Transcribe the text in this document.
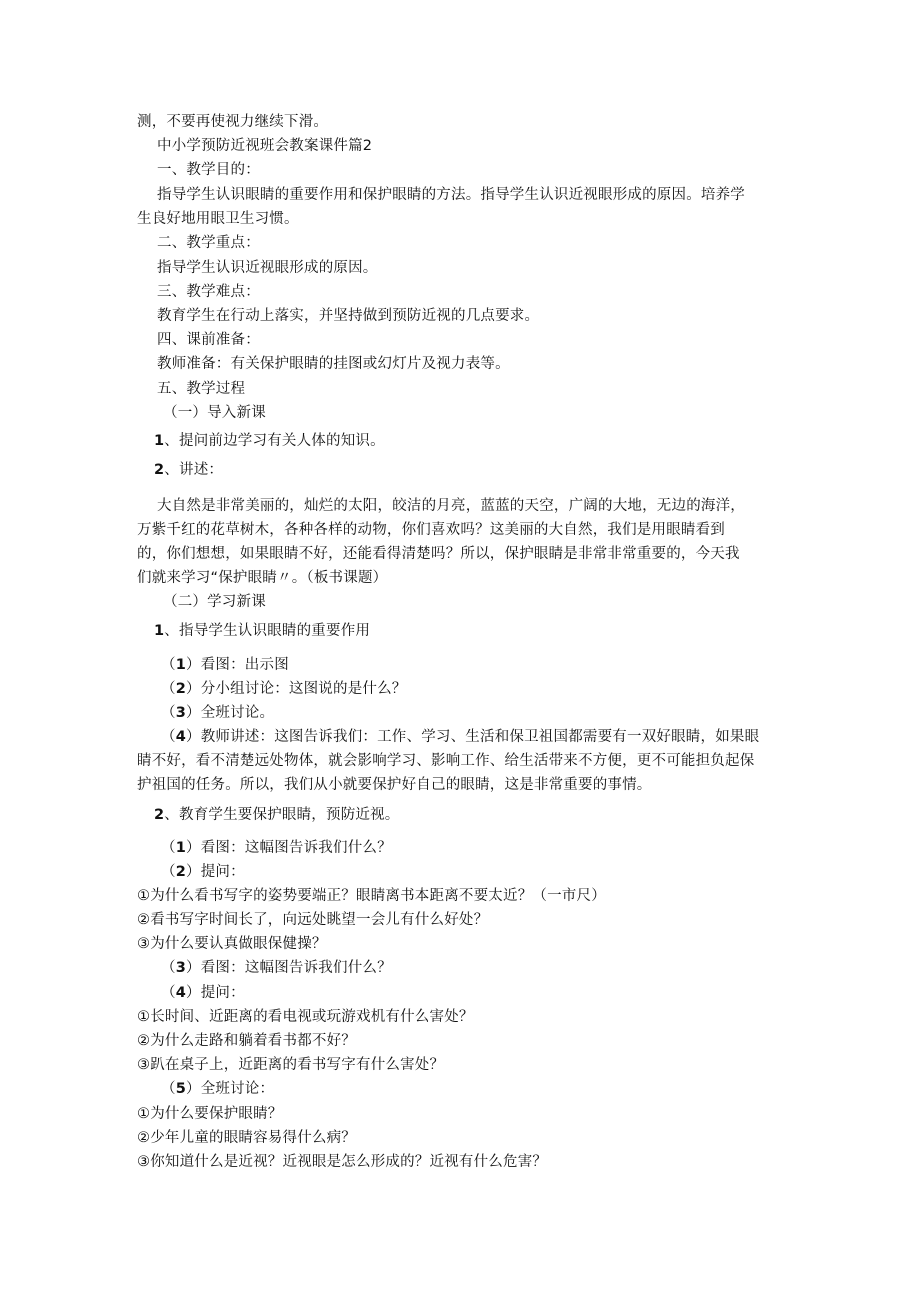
测，不要再使视力继续下滑。
中小学预防近视班会教案课件篇2
一、教学目的：
指导学生认识眼睛的重要作用和保护眼睛的方法。指导学生认识近视眼形成的原因。培养学
生良好地用眼卫生习惯。
二、教学重点：
指导学生认识近视眼形成的原因。
三、教学难点：
教育学生在行动上落实，并坚持做到预防近视的几点要求。
四、课前准备：
教师准备：有关保护眼睛的挂图或幻灯片及视力表等。
五、教学过程
（一）导入新课
1、提问前边学习有关人体的知识。
2、讲述：
大自然是非常美丽的，灿烂的太阳，皎洁的月亮，蓝蓝的天空，广阔的大地，无边的海洋，
万紫千红的花草树木，各种各样的动物，你们喜欢吗？这美丽的大自然，我们是用眼睛看到
的，你们想想，如果眼睛不好，还能看得清楚吗？所以，保护眼睛是非常非常重要的，今天我
们就来学习“保护眼睛〃。（板书课题）
（二）学习新课
1、指导学生认识眼睛的重要作用
（1）看图：出示图
（2）分小组讨论：这图说的是什么？
（3）全班讨论。
（4）教师讲述：这图告诉我们：工作、学习、生活和保卫祖国都需要有一双好眼睛，如果眼
睛不好，看不清楚远处物体，就会影响学习、影响工作、给生活带来不方便，更不可能担负起保
护祖国的任务。所以，我们从小就要保护好自己的眼睛，这是非常重要的事情。
2、教育学生要保护眼睛，预防近视。
（1）看图：这幅图告诉我们什么？
（2）提问：
①为什么看书写字的姿势要端正？眼睛离书本距离不要太近？（一市尺）
②看书写字时间长了，向远处眺望一会儿有什么好处？
③为什么要认真做眼保健操？
（3）看图：这幅图告诉我们什么？
（4）提问：
①长时间、近距离的看电视或玩游戏机有什么害处？
②为什么走路和躺着看书都不好？
③趴在桌子上，近距离的看书写字有什么害处？
（5）全班讨论：
①为什么要保护眼睛？
②少年儿童的眼睛容易得什么病？
③你知道什么是近视？近视眼是怎么形成的？近视有什么危害？
